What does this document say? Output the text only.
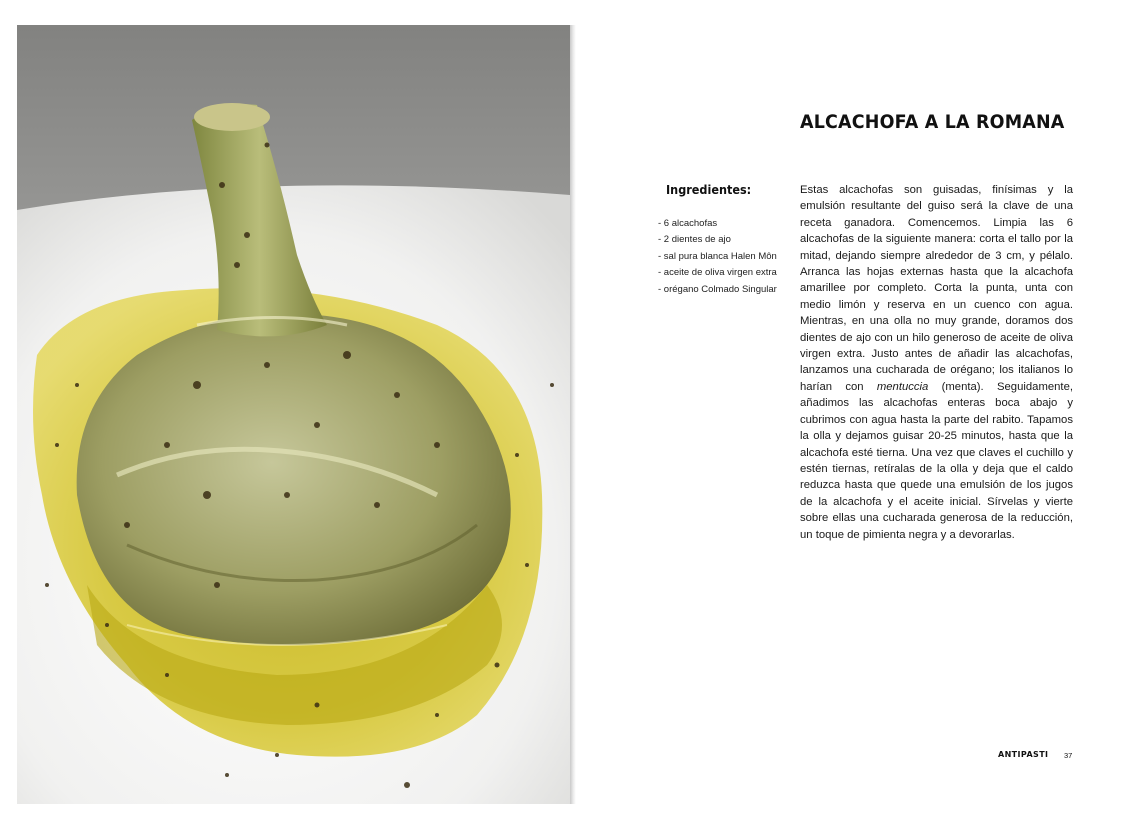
ALCACHOFA A LA ROMANA
Ingredientes:
- 6 alcachofas
- 2 dientes de ajo
- sal pura blanca Halen Môn
- aceite de oliva virgen extra
- orégano Colmado Singular

Estas alcachofas son guisadas, finísimas y la emulsión resultante del guiso será la clave de una receta ganadora. Comencemos. Limpia las 6 alcachofas de la siguiente manera: corta el tallo por la mitad, dejando siempre alrededor de 3 cm, y pélalo. Arranca las hojas externas hasta que la alcachofa amarillee por completo. Corta la punta, unta con medio limón y reserva en un cuenco con agua. Mientras, en una olla no muy grande, doramos dos dientes de ajo con un hilo generoso de aceite de oliva virgen extra. Justo antes de añadir las alcachofas, lanzamos una cucharada de orégano; los italianos lo harían con mentuccia (menta). Seguidamente, añadimos las alcachofas enteras boca abajo y cubrimos con agua hasta la parte del rabito. Tapamos la olla y dejamos guisar 20-25 minutos, hasta que la alcachofa esté tierna. Una vez que claves el cuchillo y estén tiernas, retíralas de la olla y deja que el caldo reduzca hasta que quede una emulsión de los jugos de la alcachofa y el aceite inicial. Sírvelas y vierte sobre ellas una cucharada generosa de la reducción, un toque de pimienta negra y a devorarlas.

ANTIPASTI 37
